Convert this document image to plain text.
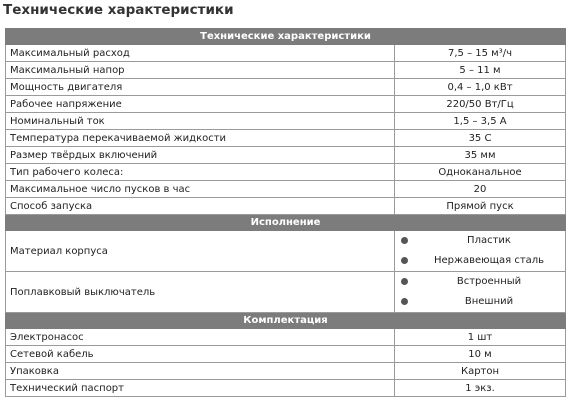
Технические характеристики
Технические характеристики	
Максимальный расход	7,5 – 15 м³/ч
Максимальный напор	5 – 11 м
Мощность двигателя	0,4 – 1,0 кВт
Рабочее напряжение	220/50 Вт/Гц
Номинальный ток	1,5 – 3,5 А
Температура перекачиваемой жидкости	35 С
Размер твёрдых включений	35 мм
Тип рабочего колеса:	Одноканальное
Максимальное число пусков в час	20
Способ запуска	Прямой пуск
Исполнение	
Материал корпуса	Пластик
Нержавеющая сталь

Поплавковый выключатель	Встроенный
Внешний

Комплектация	
Электронасос	1 шт
Сетевой кабель	10 м
Упаковка	Картон
Технический паспорт	1 экз.
